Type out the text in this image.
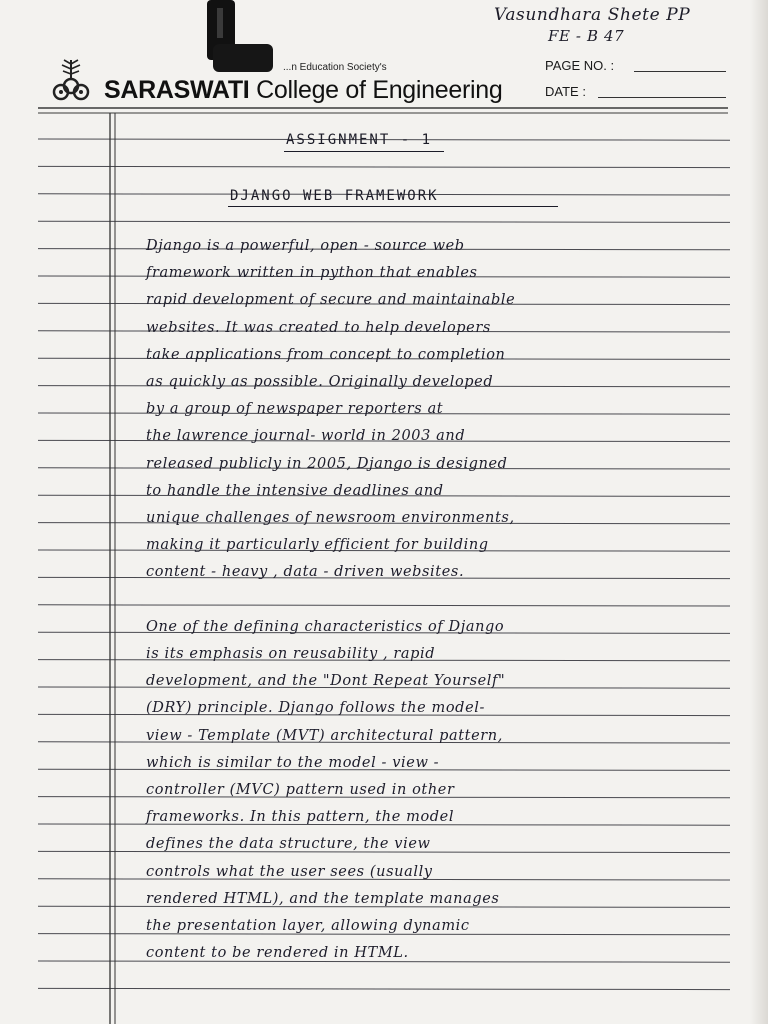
...n Education Society's
SARASWATI College of Engineering
PAGE NO. :
DATE :
Vasundhara Shete PP
FE - B 47
ASSIGNMENT - 1
DJANGO WEB FRAMEWORK
Django is a powerful, open - source web
framework written in python that enables
rapid development of secure and maintainable
websites. It was created to help developers
take applications from concept to completion
as quickly as possible. Originally developed
by a group of newspaper reporters at
the lawrence journal- world in 2003 and
released publicly in 2005, Django is designed
to handle the intensive deadlines and
unique challenges of newsroom environments,
making it particularly efficient for building
content - heavy , data - driven websites.
One of the defining characteristics of Django
is its emphasis on reusability , rapid
development, and the "Dont Repeat Yourself"
(DRY) principle. Django follows the model-
view - Template (MVT) architectural pattern,
which is similar to the model - view -
controller (MVC) pattern used in other
frameworks. In this pattern, the model
defines the data structure, the view
controls what the user sees (usually
rendered HTML), and the template manages
the presentation layer, allowing dynamic
content to be rendered in HTML.
